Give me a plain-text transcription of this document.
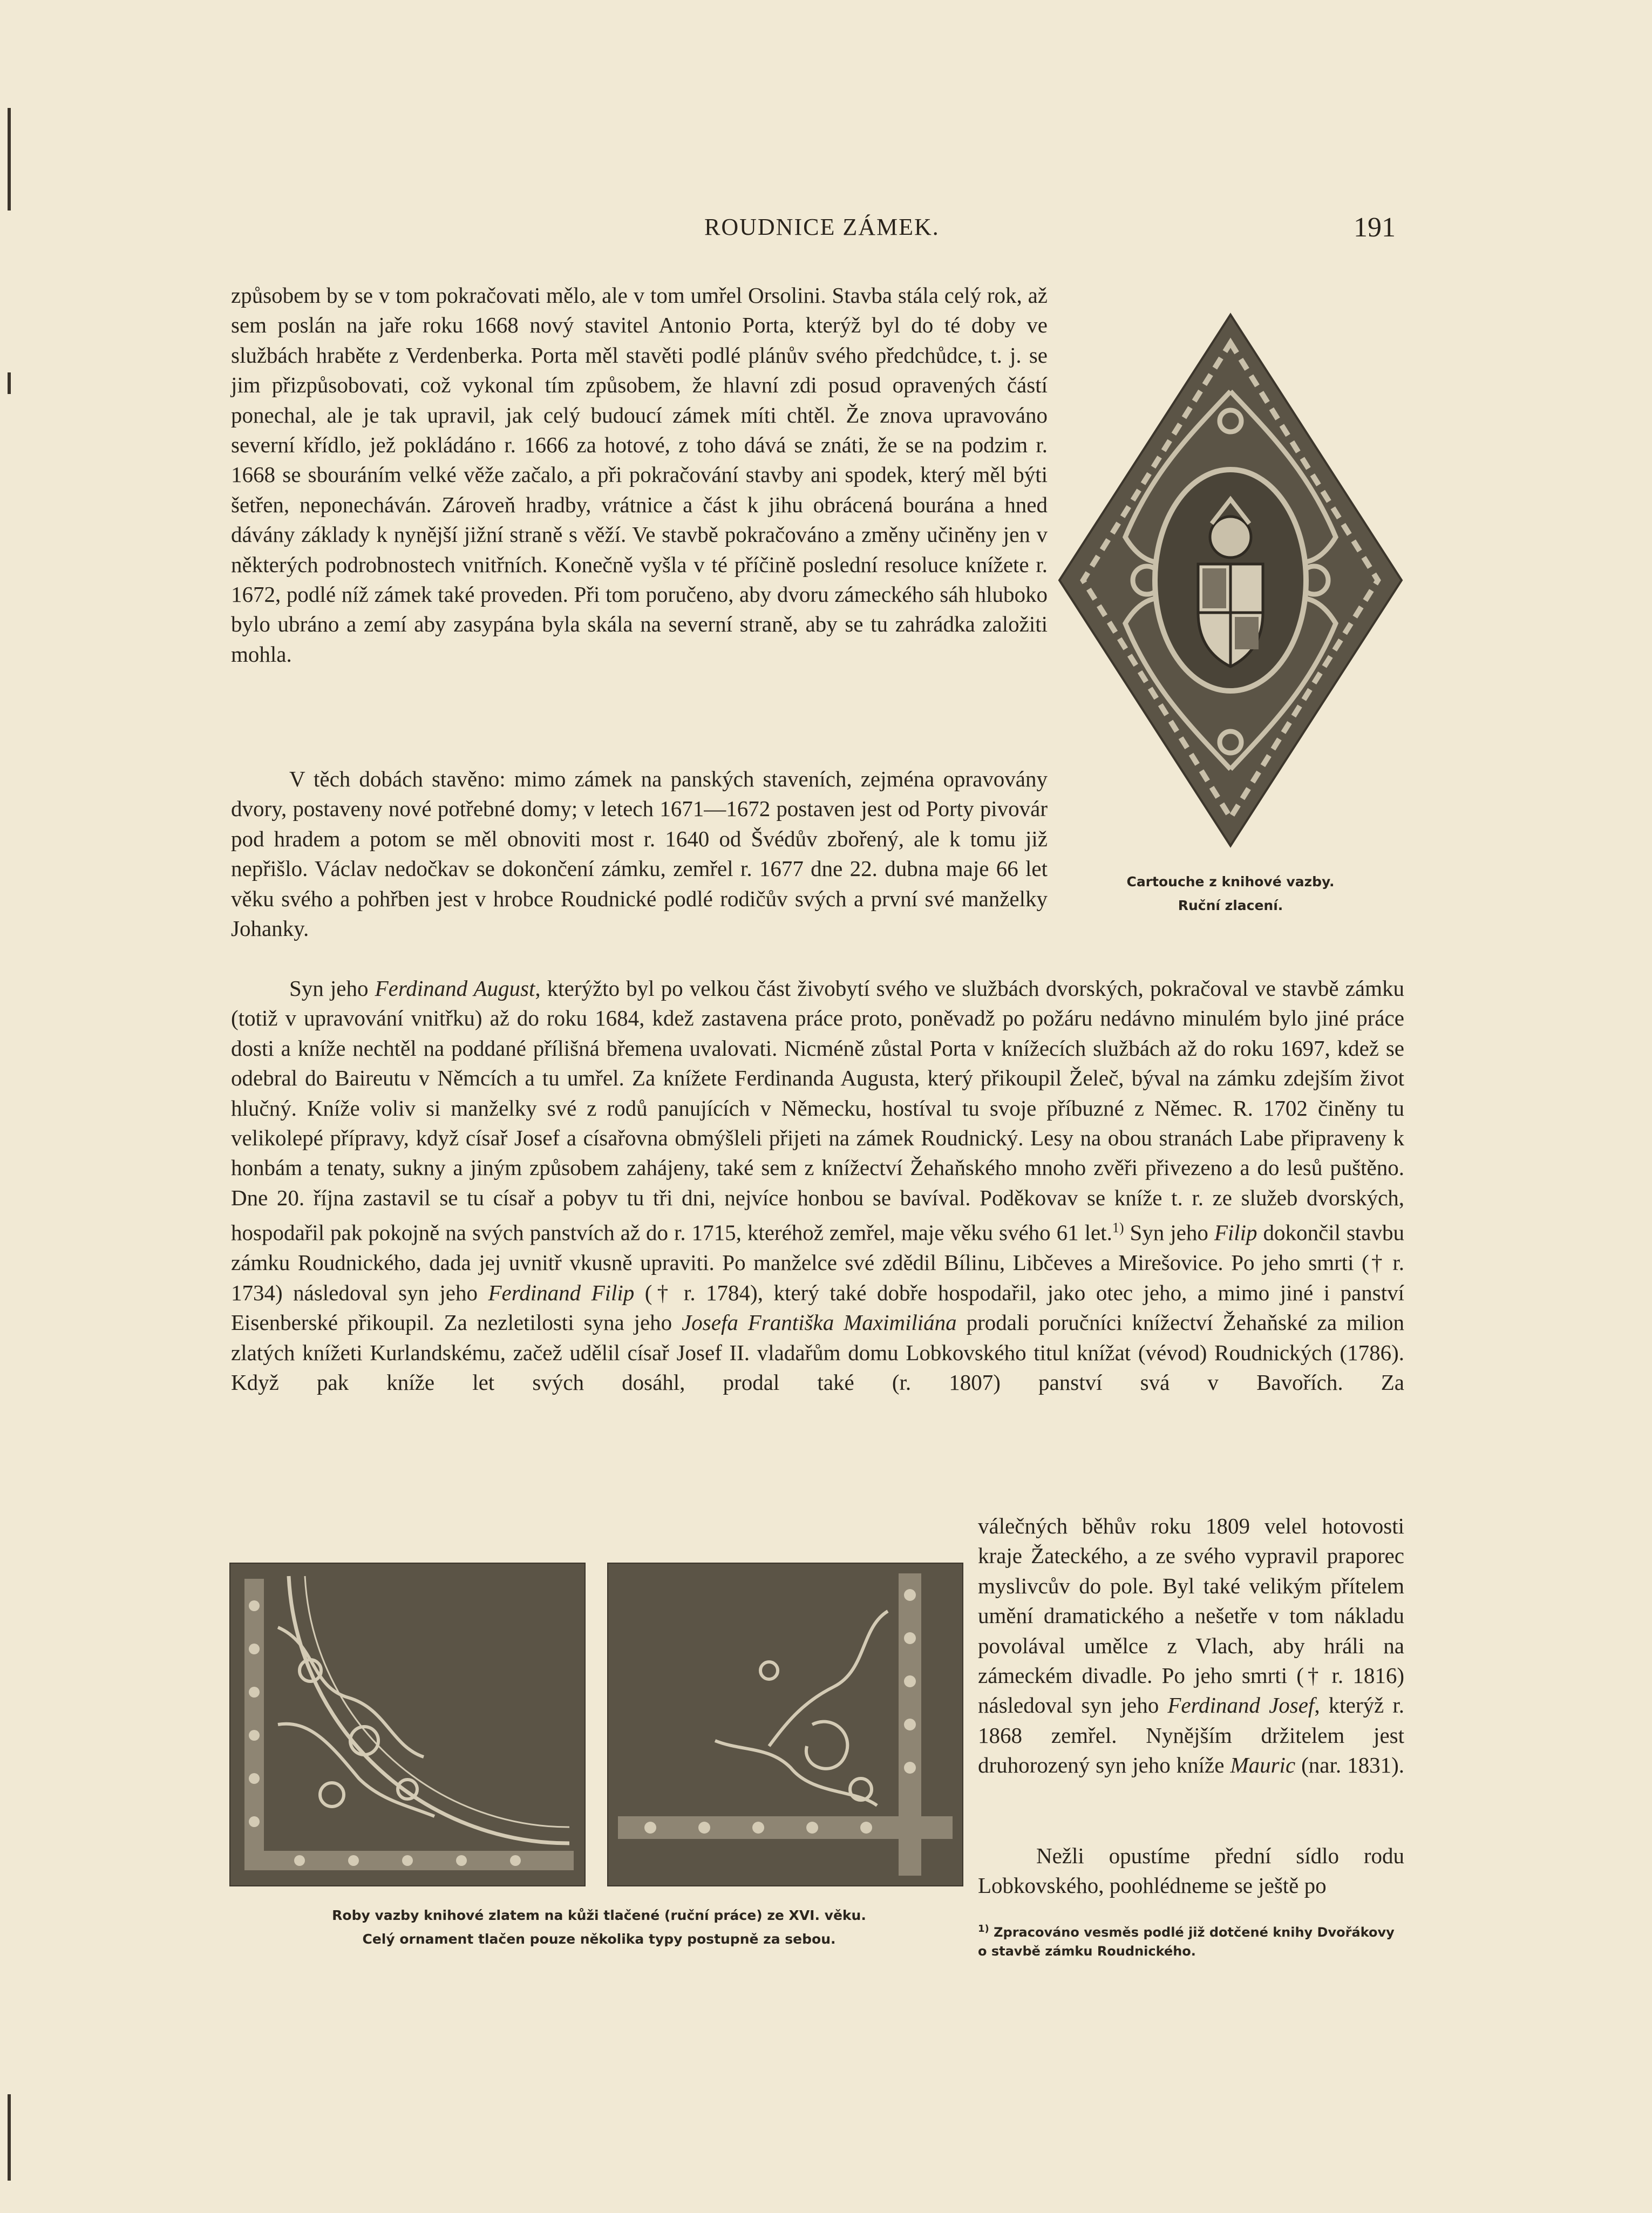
ROUDNICE ZÁMEK.	191

způsobem by se v tom pokračovati mělo, ale v tom umřel Orsolini. Stavba stála celý rok, až sem poslán na jaře roku 1668 nový stavitel Antonio Porta, kterýž byl do té doby ve službách hraběte z Verdenberka. Porta měl stavěti podlé plánův svého předchůdce, t. j. se jim přizpůsobovati, což vykonal tím způsobem, že hlavní zdi posud opravených částí ponechal, ale je tak upravil, jak celý budoucí zámek míti chtěl. Že znova upravováno severní křídlo, jež pokládáno r. 1666 za hotové, z toho dává se znáti, že se na podzim r. 1668 se sbouráním velké věže začalo, a při pokračování stavby ani spodek, který měl býti šetřen, neponecháván. Zároveň hradby, vrátnice a část k jihu obrácená bourána a hned dávány základy k nynější jižní straně s věží. Ve stavbě pokračováno a změny učiněny jen v některých podrobnostech vnitřních. Konečně vyšla v té příčině poslední resoluce knížete r. 1672, podlé níž zámek také proveden. Při tom poručeno, aby dvoru zámeckého sáh hluboko bylo ubráno a zemí aby zasypána byla skála na severní straně, aby se tu zahrádka založiti mohla.

V těch dobách stavěno: mimo zámek na panských staveních, zejména opravovány dvory, postaveny nové potřebné domy; v letech 1671—1672 postaven jest od Porty pivovár pod hradem a potom se měl obnoviti most r. 1640 od Švédův zbořený, ale k tomu již nepřišlo. Václav nedočkav se dokončení zámku, zemřel r. 1677 dne 22. dubna maje 66 let věku svého a pohřben jest v hrobce Roudnické podlé rodičův svých a první své manželky Johanky.

Syn jeho Ferdinand August, kterýžto byl po velkou část živobytí svého ve službách dvorských, pokračoval ve stavbě zámku (totiž v upravování vnitřku) až do roku 1684, kdež zastavena práce proto, poněvadž po požáru nedávno minulém bylo jiné práce dosti a kníže nechtěl na poddané přílišná břemena uvalovati. Nicméně zůstal Porta v knížecích službách až do roku 1697, kdež se odebral do Baireutu v Němcích a tu umřel. Za knížete Ferdinanda Augusta, který přikoupil Želeč, býval na zámku zdejším život hlučný. Kníže voliv si manželky své z rodů panujících v Německu, hostíval tu svoje příbuzné z Němec. R. 1702 činěny tu velikolepé přípravy, když císař Josef a císařovna obmýšleli přijeti na zámek Roudnický. Lesy na obou stranách Labe připraveny k honbám a tenaty, sukny a jiným způsobem zahájeny, také sem z knížectví Žehaňského mnoho zvěři přivezeno a do lesů puštěno. Dne 20. října zastavil se tu císař a pobyv tu tři dni, nejvíce honbou se bavíval. Poděkovav se kníže t. r. ze služeb dvorských, hospodařil pak pokojně na svých panstvích až do r. 1715, kteréhož zemřel, maje věku svého 61 let.$^{1)}$ Syn jeho Filip dokončil stavbu zámku Roudnického, dada jej uvnitř vkusně upraviti. Po manželce své zdědil Bílinu, Libčeves a Mirešovice. Po jeho smrti († r. 1734) následoval syn jeho Ferdinand Filip († r. 1784), který také dobře hospodařil, jako otec jeho, a mimo jiné i panství Eisenberské přikoupil. Za nezletilosti syna jeho Josefa Františka Maximiliána prodali poručníci knížectví Žehaňské za milion zlatých knížeti Kurlandskému, začež udělil císař Josef II. vladařům domu Lobkovského titul knížat (vévod) Roudnických (1786). Když pak kníže let svých dosáhl, prodal také (r. 1807) panství svá v Bavořích. Za

válečných běhův roku 1809 velel hotovosti kraje Žateckého, a ze svého vypravil praporec myslivcův do pole. Byl také velikým přítelem umění dramatického a nešetře v tom nákladu povolával umělce z Vlach, aby hráli na zámeckém divadle. Po jeho smrti († r. 1816) následoval syn jeho Ferdinand Josef, kterýž r. 1868 zemřel. Nynějším držitelem jest druhorozený syn jeho kníže Mauric (nar. 1831).

Nežli opustíme přední sídlo rodu Lobkovského, poohlédneme se ještě po

Cartouche z knihové vazby.
Ruční zlacení.

Roby vazby knihové zlatem na kůži tlačené (ruční práce) ze XVI. věku.
Celý ornament tlačen pouze několika typy postupně za sebou.

$^{1)}$ Zpracováno vesměs podlé již dotčené knihy Dvořákovy o stavbě zámku Roudnického.
